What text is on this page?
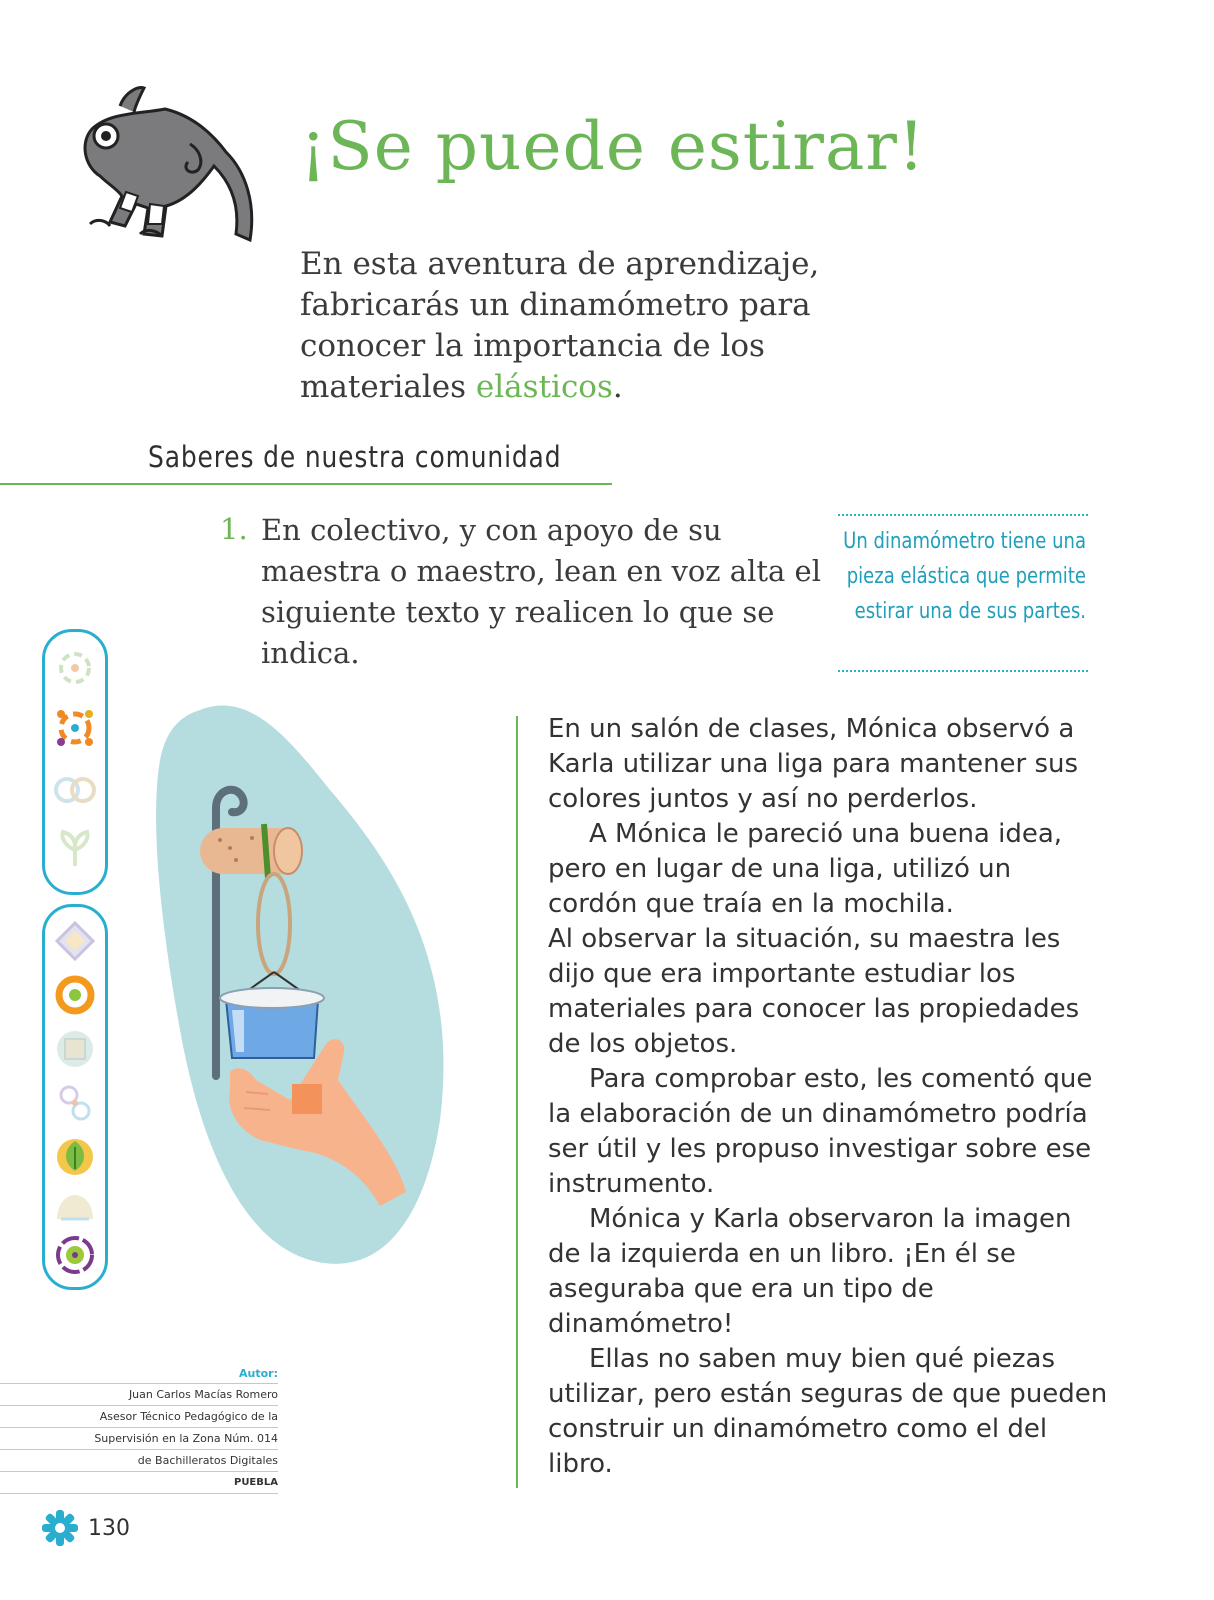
¡Se puede estirar!
En esta aventura de aprendizaje, fabricarás un dinamómetro para conocer la importancia de los materiales elásticos.
Saberes de nuestra comunidad
1. En colectivo, y con apoyo de su maestra o maestro, lean en voz alta el siguiente texto y realicen lo que se indica.
Un dinamómetro tiene una pieza elástica que permite estirar una de sus partes.

En un salón de clases, Mónica observó a Karla utilizar una liga para mantener sus colores juntos y así no perderlos.

A Mónica le pareció una buena idea, pero en lugar de una liga, utilizó un cordón que traía en la mochila.

Al observar la situación, su maestra les dijo que era importante estudiar los materiales para conocer las propiedades de los objetos.

Para comprobar esto, les comentó que la elaboración de un dinamómetro podría ser útil y les propuso investigar sobre ese instrumento.

Mónica y Karla observaron la imagen de la izquierda en un libro. ¡En él se aseguraba que era un tipo de dinamómetro!

Ellas no saben muy bien qué piezas utilizar, pero están seguras de que pueden construir un dinamómetro como el del libro.

Autor:
Juan Carlos Macías Romero
Asesor Técnico Pedagógico de la
Supervisión en la Zona Núm. 014
de Bachilleratos Digitales
PUEBLA
130
